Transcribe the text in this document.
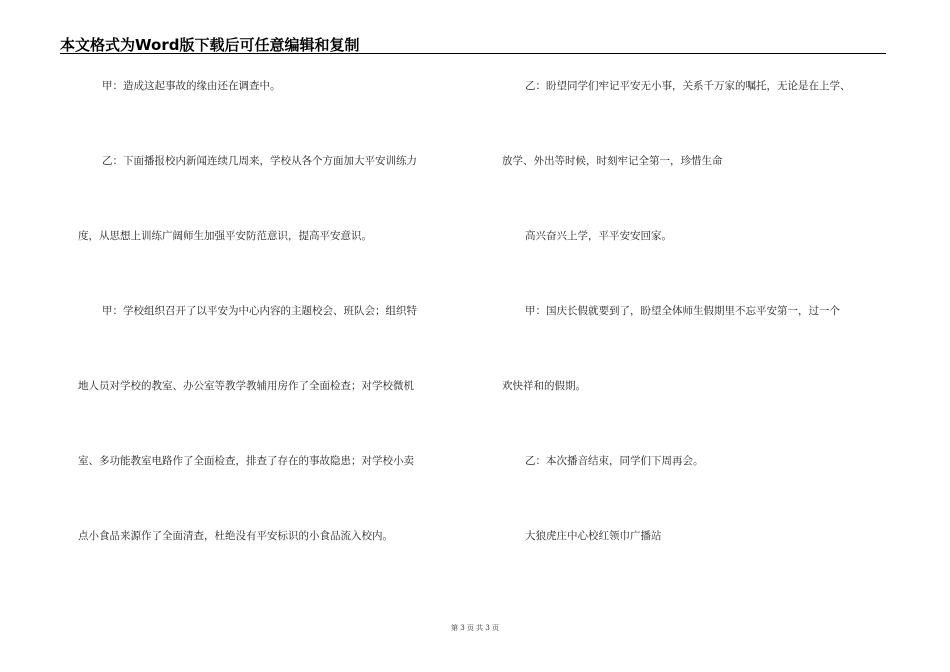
本文格式为Word版下载后可任意编辑和复制
甲：造成这起事故的缘由还在调查中。
乙：下面播报校内新闻连续几周来，学校从各个方面加大平安训练力
度，从思想上训练广阔师生加强平安防范意识，提高平安意识。
甲：学校组织召开了以平安为中心内容的主题校会、班队会；组织特
地人员对学校的教室、办公室等教学教辅用房作了全面检查；对学校微机
室、多功能教室电路作了全面检查，排查了存在的事故隐患；对学校小卖
点小食品来源作了全面清查，杜绝没有平安标识的小食品流入校内。
乙：盼望同学们牢记平安无小事，关系千万家的嘱托，无论是在上学、
放学、外出等时候，时刻牢记全第一，珍惜生命
高兴奋兴上学，平平安安回家。
甲：国庆长假就要到了，盼望全体师生假期里不忘平安第一，过一个
欢快祥和的假期。
乙：本次播音结束，同学们下周再会。
大狼虎庄中心校红领巾广播站
第 3 页 共 3 页
